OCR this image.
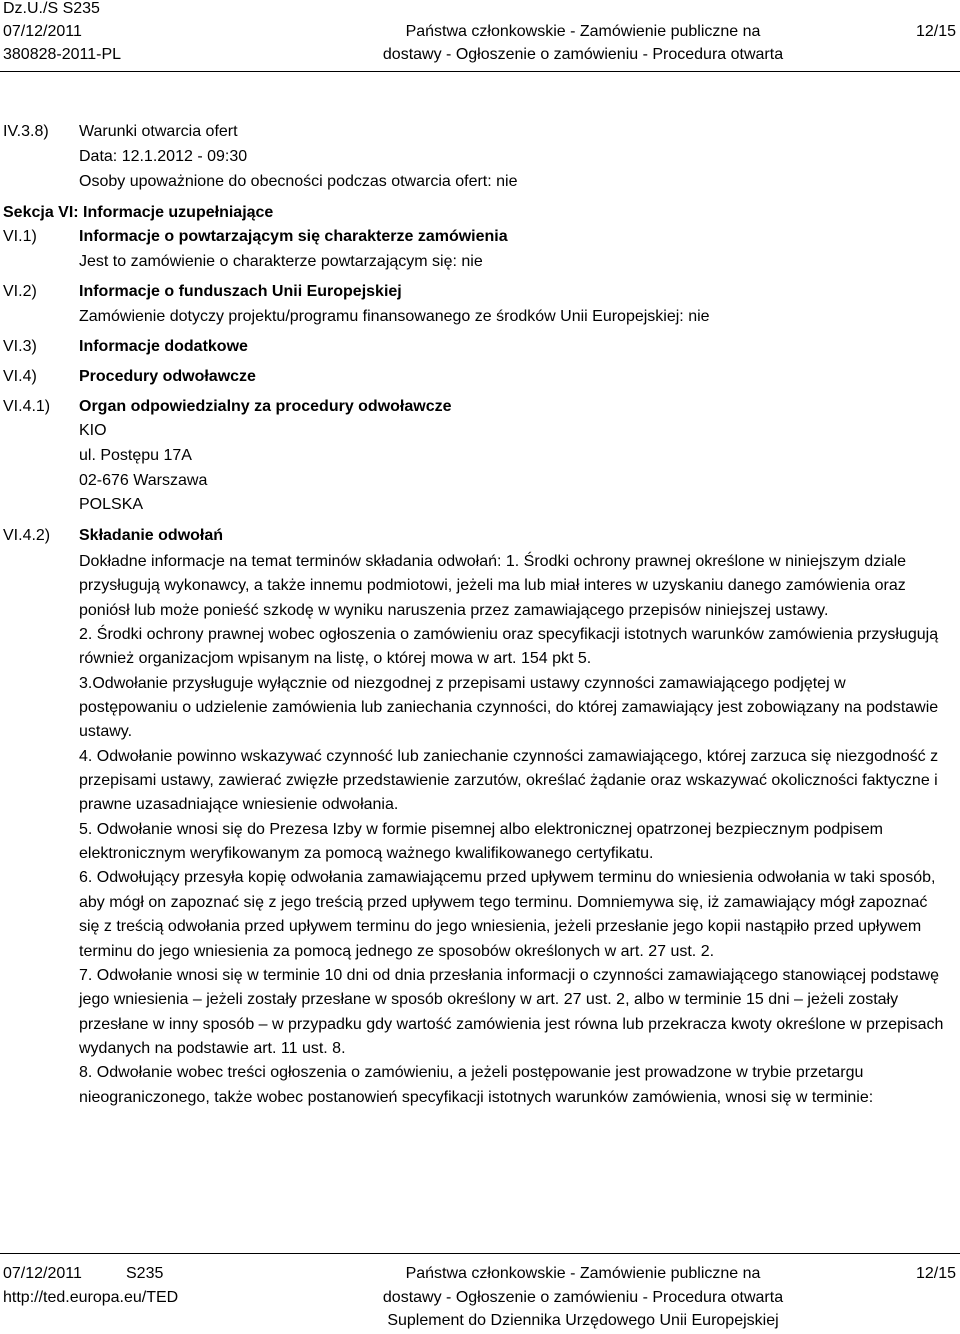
Dz.U./S S235
07/12/2011
380828-2011-PL
Państwa członkowskie - Zamówienie publiczne na
dostawy - Ogłoszenie o zamówieniu - Procedura otwarta
12/15
IV.3.8) Warunki otwarcia ofert
Data: 12.1.2012 - 09:30
Osoby upoważnione do obecności podczas otwarcia ofert: nie
Sekcja VI: Informacje uzupełniające
VI.1)	Informacje o powtarzającym się charakterze zamówienia
Jest to zamówienie o charakterze powtarzającym się: nie
VI.2)	Informacje o funduszach Unii Europejskiej
Zamówienie dotyczy projektu/programu finansowanego ze środków Unii Europejskiej: nie
VI.3)	Informacje dodatkowe
VI.4)	Procedury odwoławcze
VI.4.1) Organ odpowiedzialny za procedury odwoławcze
KIO
ul. Postępu 17A
02-676 Warszawa
POLSKA
VI.4.2) Składanie odwołań

Dokładne informacje na temat terminów składania odwołań: 1. Środki ochrony prawnej określone w niniejszym dziale przysługują wykonawcy, a także innemu podmiotowi, jeżeli ma lub miał interes w uzyskaniu danego zamówienia oraz poniósł lub może ponieść szkodę w wyniku naruszenia przez zamawiającego przepisów niniejszej ustawy.

2. Środki ochrony prawnej wobec ogłoszenia o zamówieniu oraz specyfikacji istotnych warunków zamówienia przysługują również organizacjom wpisanym na listę, o której mowa w art. 154 pkt 5.

3.Odwołanie przysługuje wyłącznie od niezgodnej z przepisami ustawy czynności zamawiającego podjętej w postępowaniu o udzielenie zamówienia lub zaniechania czynności, do której zamawiający jest zobowiązany na podstawie ustawy.

4. Odwołanie powinno wskazywać czynność lub zaniechanie czynności zamawiającego, której zarzuca się niezgodność z przepisami ustawy, zawierać zwięzłe przedstawienie zarzutów, określać żądanie oraz wskazywać okoliczności faktyczne i prawne uzasadniające wniesienie odwołania.

5. Odwołanie wnosi się do Prezesa Izby w formie pisemnej albo elektronicznej opatrzonej bezpiecznym podpisem elektronicznym weryfikowanym za pomocą ważnego kwalifikowanego certyfikatu.

6. Odwołujący przesyła kopię odwołania zamawiającemu przed upływem terminu do wniesienia odwołania w taki sposób, aby mógł on zapoznać się z jego treścią przed upływem tego terminu. Domniemywa się, iż zamawiający mógł zapoznać się z treścią odwołania przed upływem terminu do jego wniesienia, jeżeli przesłanie jego kopii nastąpiło przed upływem terminu do jego wniesienia za pomocą jednego ze sposobów określonych w art. 27 ust. 2.

7. Odwołanie wnosi się w terminie 10 dni od dnia przesłania informacji o czynności zamawiającego stanowiącej podstawę jego wniesienia – jeżeli zostały przesłane w sposób określony w art. 27 ust. 2, albo w terminie 15 dni – jeżeli zostały przesłane w inny sposób – w przypadku gdy wartość zamówienia jest równa lub przekracza kwoty określone w przepisach wydanych na podstawie art. 11 ust. 8.

8. Odwołanie wobec treści ogłoszenia o zamówieniu, a jeżeli postępowanie jest prowadzone w trybie przetargu nieograniczonego, także wobec postanowień specyfikacji istotnych warunków zamówienia, wnosi się w terminie:

07/12/2011	S235
http://ted.europa.eu/TED
Państwa członkowskie - Zamówienie publiczne na
dostawy - Ogłoszenie o zamówieniu - Procedura otwarta
Suplement do Dziennika Urzędowego Unii Europejskiej
12/15
